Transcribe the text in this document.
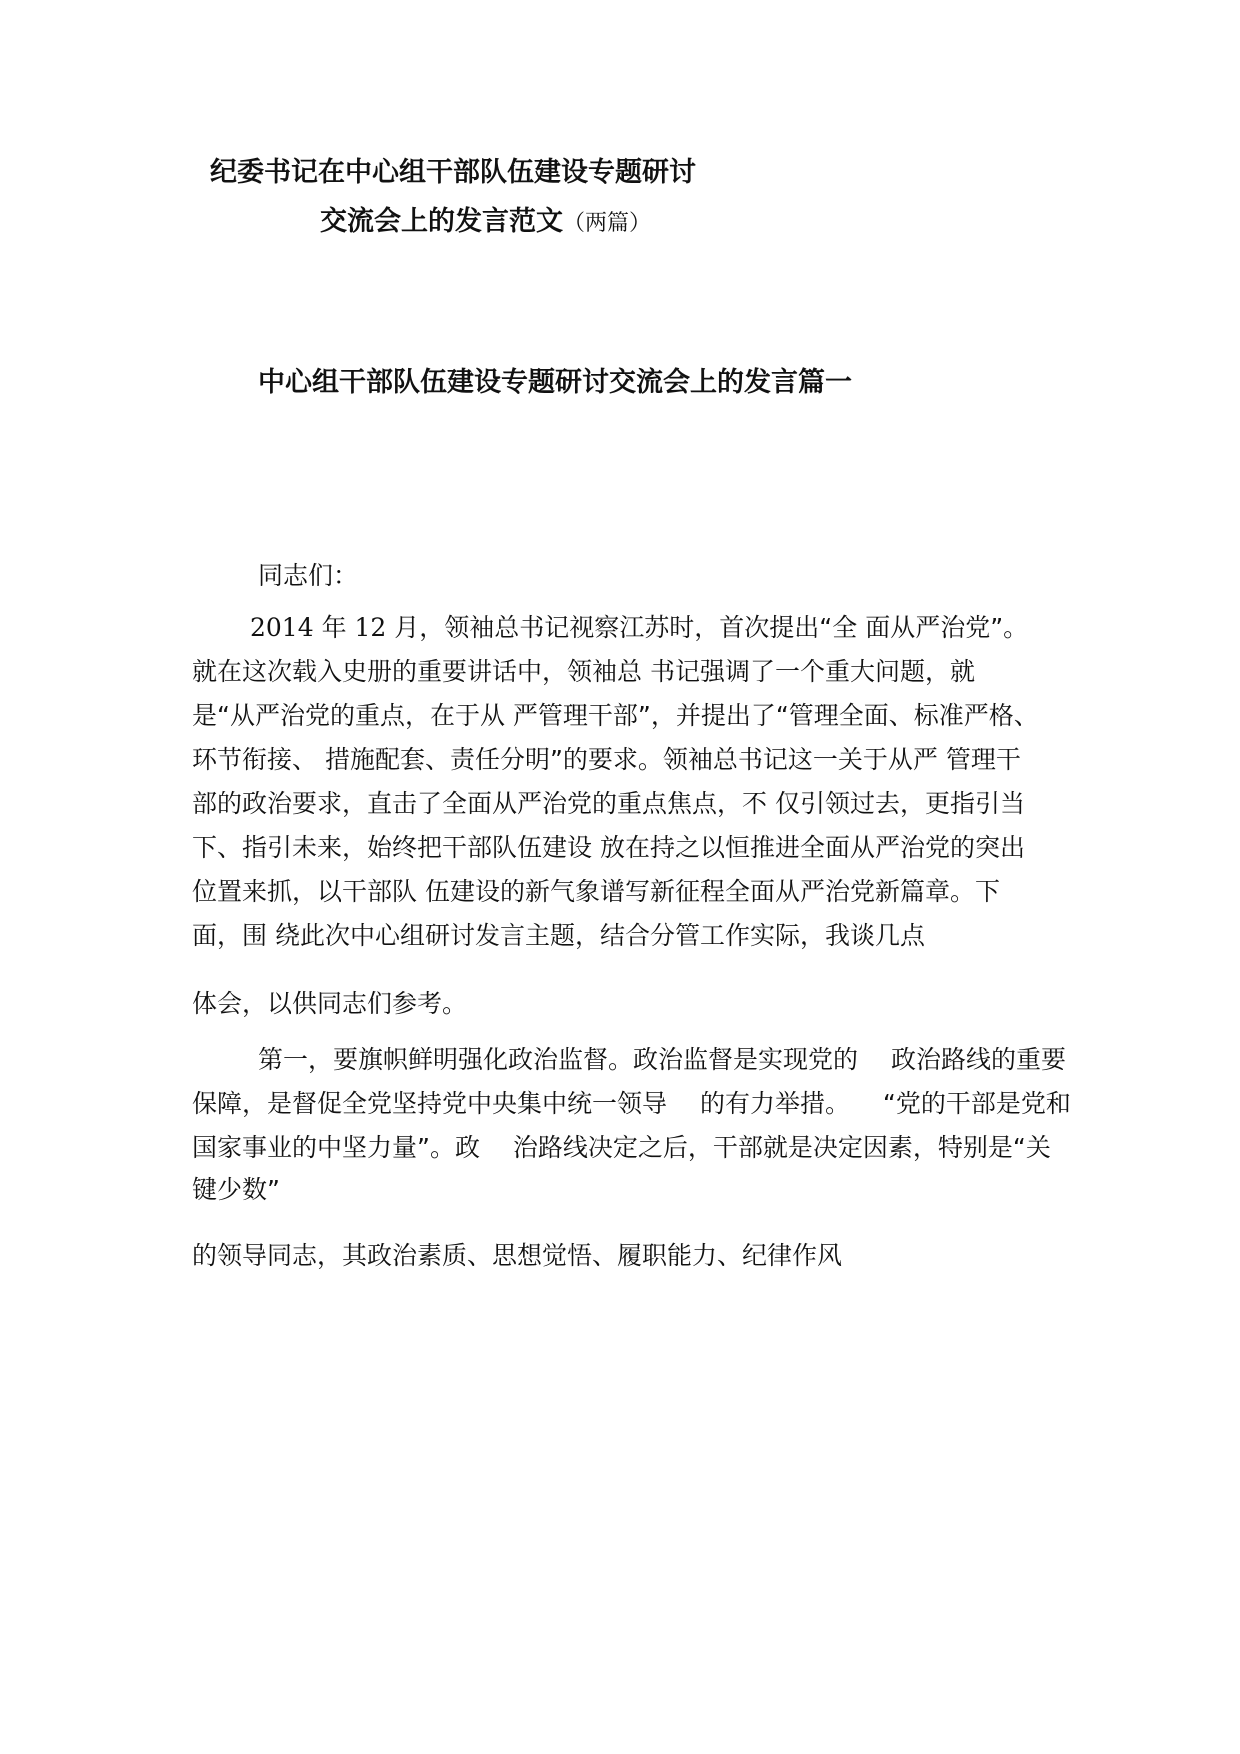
纪委书记在中心组干部队伍建设专题研讨
交流会上的发言范文（两篇）
中心组干部队伍建设专题研讨交流会上的发言篇一
同志们：
2014 年 12 月，领袖总书记视察江苏时，首次提出“全 面从严治党”。
就在这次载入史册的重要讲话中，领袖总 书记强调了一个重大问题，就
是“从严治党的重点，在于从 严管理干部”，并提出了“管理全面、标准严格、
环节衔接、 措施配套、责任分明”的要求。领袖总书记这一关于从严 管理干
部的政治要求，直击了全面从严治党的重点焦点，不 仅引领过去，更指引当
下、指引未来，始终把干部队伍建设 放在持之以恒推进全面从严治党的突出
位置来抓，以干部队 伍建设的新气象谱写新征程全面从严治党新篇章。下
面，围 绕此次中心组研讨发言主题，结合分管工作实际，我谈几点
体会，以供同志们参考。
第一，要旗帜鲜明强化政治监督。政治监督是实现党的 　政治路线的重要
保障，是督促全党坚持党中央集中统一领导 　的有力举措。 　“党的干部是党和
国家事业的中坚力量”。政 　治路线决定之后，干部就是决定因素，特别是“关
键少数”
的领导同志，其政治素质、思想觉悟、履职能力、纪律作风
